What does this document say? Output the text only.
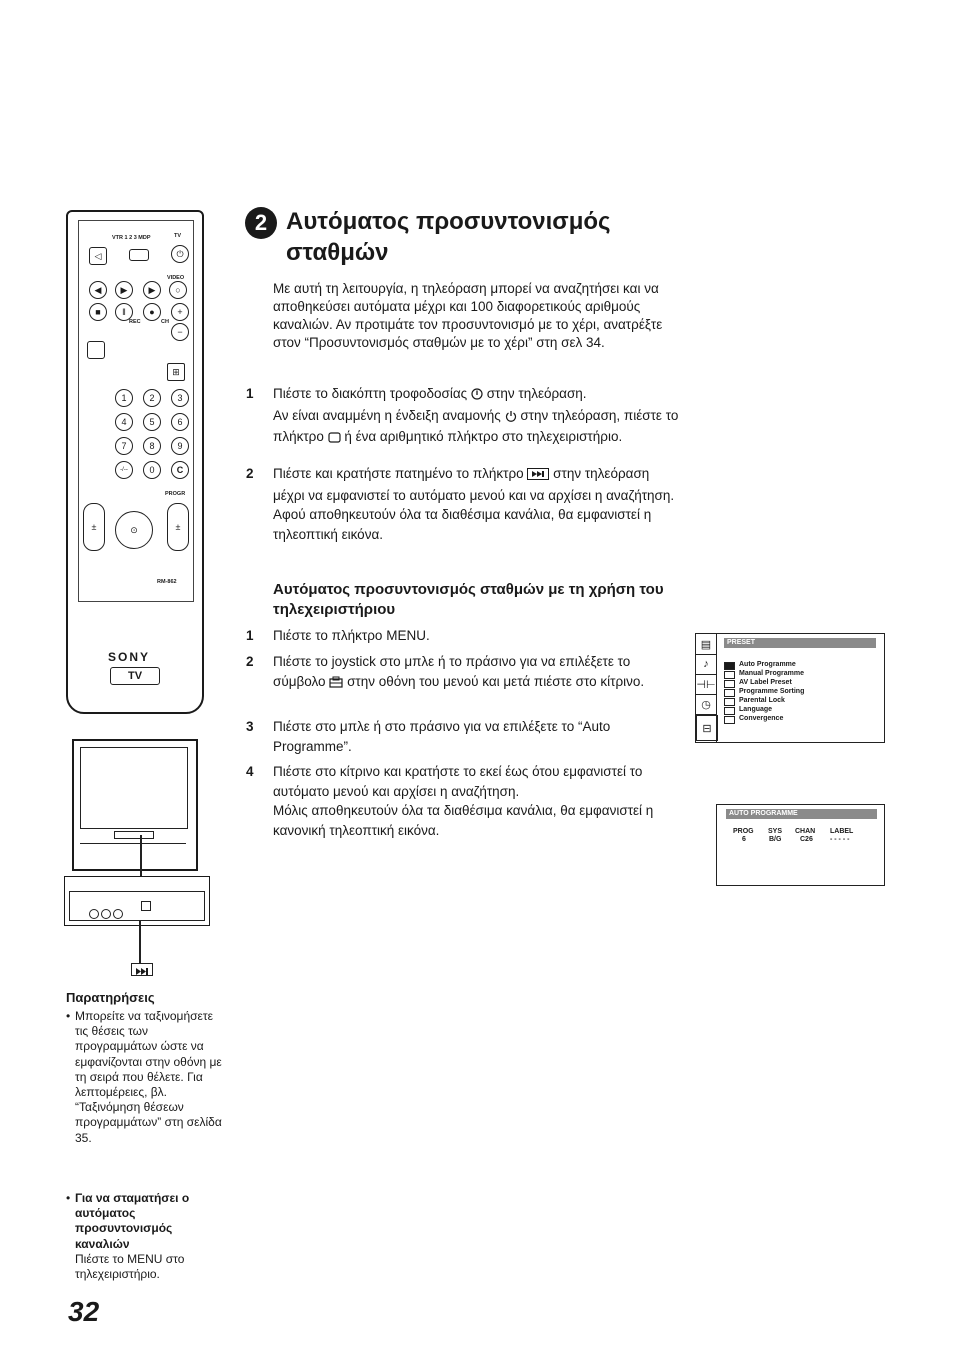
2 Αυτόματος προσυντονισμός σταθμών

Με αυτή τη λειτουργία, η τηλεόραση μπορεί να αναζητήσει και να αποθηκεύσει αυτόματα μέχρι και 100 διαφορετικούς αριθμούς καναλιών. Αν προτιμάτε τον προσυντονισμό με το χέρι, ανατρέξτε στον “Προσυντονισμός σταθμών με το χέρι” στη σελ 34.

1	Πιέστε το διακόπτη τροφοδοσίας  στην τηλεόραση.
Αν είναι αναμμένη η ένδειξη αναμονής  στην τηλεόραση, πιέστε το πλήκτρο  ή ένα αριθμητικό πλήκτρο στο τηλεχειριστήριο.
2	Πιέστε και κρατήστε πατημένο το πλήκτρο  στην τηλεόραση μέχρι να εμφανιστεί το αυτόματο μενού και να αρχίσει η αναζήτηση.
Αφού αποθηκευτούν όλα τα διαθέσιμα κανάλια, θα εμφανιστεί η τηλεοπτική εικόνα.
Αυτόματος προσυντονισμός σταθμών με τη χρήση του τηλεχειριστήριου
1	Πιέστε το πλήκτρο MENU.
2	Πιέστε το joystick στο μπλε ή το πράσινο για να επιλέξετε το σύμβολο  στην οθόνη του μενού και μετά πιέστε στο κίτρινο.
3	Πιέστε στο μπλε ή στο πράσινο για να επιλέξετε το “Auto Programme”.
4	Πιέστε στο κίτρινο και κρατήστε το εκεί έως ότου εμφανιστεί το αυτόματο μενού και αρχίσει η αναζήτηση.
Μόλις αποθηκευτούν όλα τα διαθέσιμα κανάλια, θα εμφανιστεί η κανονική τηλεοπτική εικόνα.
▤
♪
⊣⊢
◷
⊟
PRESET
Auto Programme
Manual Programme
AV Label Preset
Programme Sorting
Parental Lock
Language
Convergence
AUTO PROGRAMME
PROG SYS CHAN LABEL
6	B/G	C26 - - - - -
VTR 1 2 3 MDP	TV
◁	⏻
VIDEO
◀	▶	▶	○
■	‖	●	+
REC	CH
−
⊞
1	2	3
4	5	6
7	8	9
-/--	0	C
PROGR
±	⊙	±
RM-862
SONY
TV
Παρατηρήσεις
• Μπορείτε να ταξινομήσετε τις θέσεις των προγραμμάτων ώστε να εμφανίζονται στην οθόνη με τη σειρά που θέλετε. Για λεπτομέρειες, βλ. “Ταξινόμηση θέσεων προγραμμάτων” στη σελίδα 35.
• Για να σταματήσει ο αυτόματος προσυντονισμός καναλιών
Πιέστε το MENU στο τηλεχειριστήριο.
32
